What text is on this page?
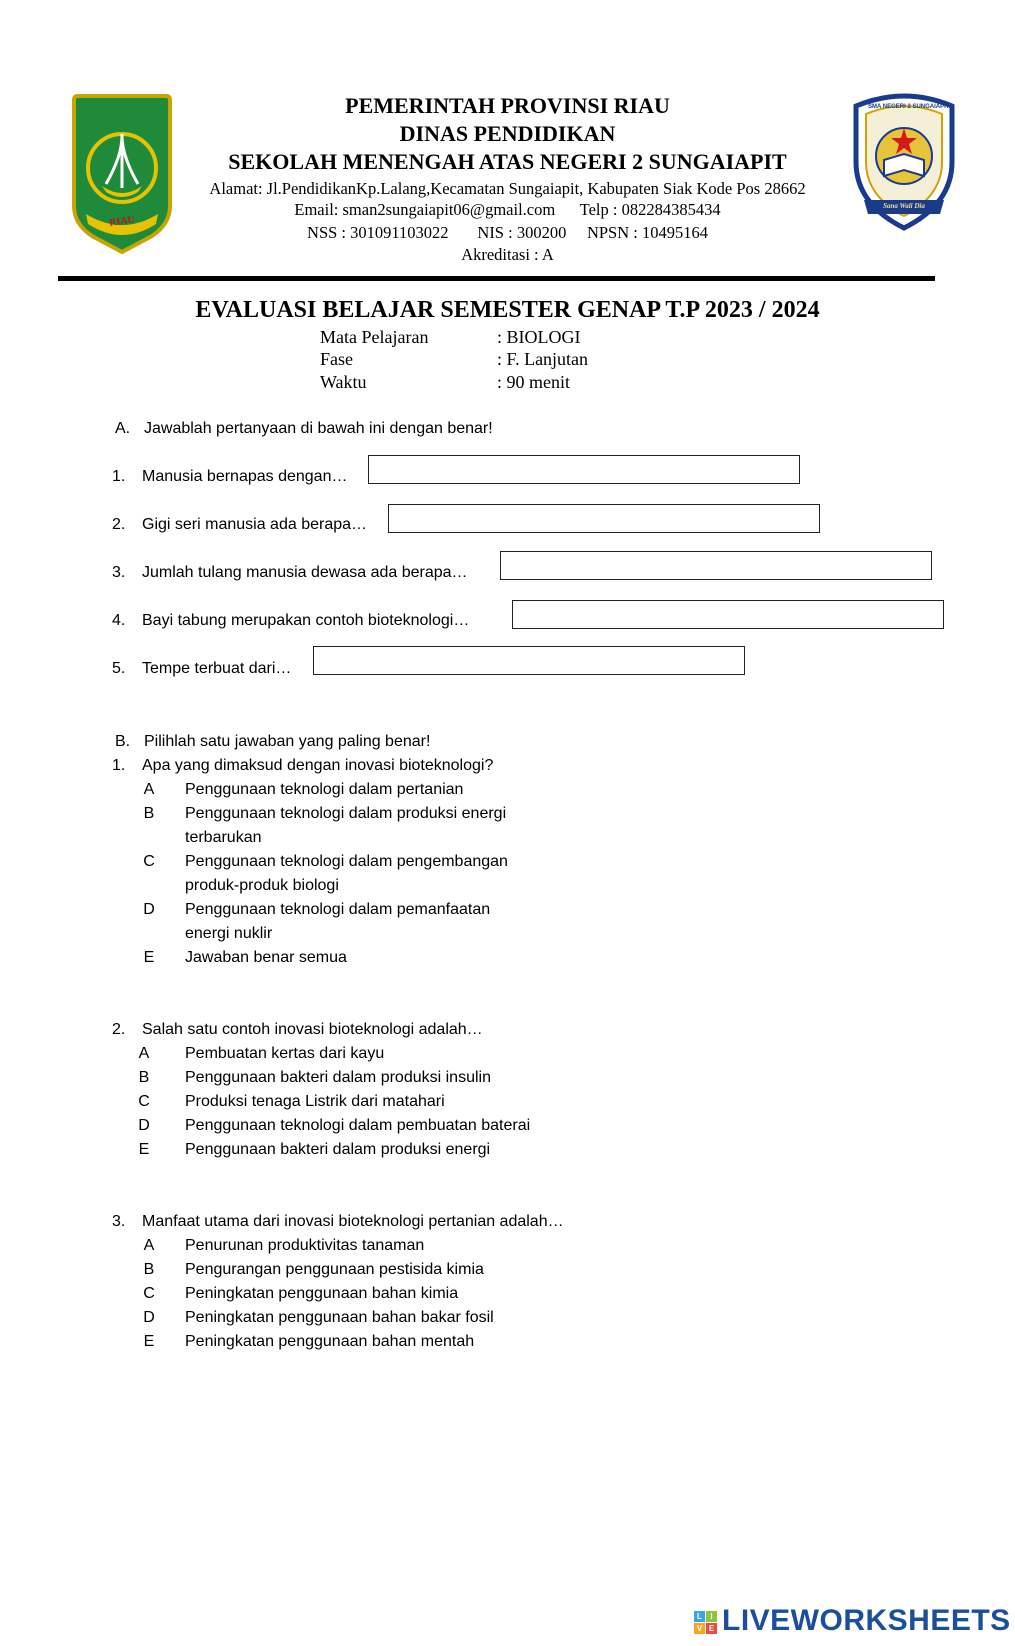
RIAU
SMA NEGERI 2 SUNGAIAPIT
Sana Wali Dia
PEMERINTAH PROVINSI RIAU
DINAS PENDIDIKAN
SEKOLAH MENENGAH ATAS NEGERI 2 SUNGAIAPIT
Alamat: Jl.PendidikanKp.Lalang,Kecamatan Sungaiapit, Kabupaten Siak Kode Pos 28662
Email: sman2sungaiapit06@gmail.com      Telp : 082284385434
NSS : 301091103022       NIS : 300200     NPSN : 10495164
Akreditasi : A
EVALUASI BELAJAR SEMESTER GENAP T.P 2023 / 2024
Mata Pelajaran	: BIOLOGI
Fase	: F. Lanjutan
Waktu	: 90 menit
A. Jawablah pertanyaan di bawah ini dengan benar!
1. Manusia bernapas dengan…
2. Gigi seri manusia ada berapa…
3. Jumlah tulang manusia dewasa ada berapa…
4. Bayi tabung merupakan contoh bioteknologi…
5. Tempe terbuat dari…
B. Pilihlah satu jawaban yang paling benar!
1. Apa yang dimaksud dengan inovasi bioteknologi?
A Penggunaan teknologi dalam pertanian
B Penggunaan teknologi dalam produksi energi
terbarukan
C Penggunaan teknologi dalam pengembangan
produk-produk biologi
D Penggunaan teknologi dalam pemanfaatan
energi nuklir
E Jawaban benar semua
2. Salah satu contoh inovasi bioteknologi adalah…
A Pembuatan kertas dari kayu
B Penggunaan bakteri dalam produksi insulin
C Produksi tenaga Listrik dari matahari
D Penggunaan teknologi dalam pembuatan baterai
E Penggunaan bakteri dalam produksi energi
3. Manfaat utama dari inovasi bioteknologi pertanian adalah…
A Penurunan produktivitas tanaman
B Pengurangan penggunaan pestisida kimia
C Peningkatan penggunaan bahan kimia
D Peningkatan penggunaan bahan bakar fosil
E Peningkatan penggunaan bahan mentah
L	I
V E LIVEWORKSHEETS
